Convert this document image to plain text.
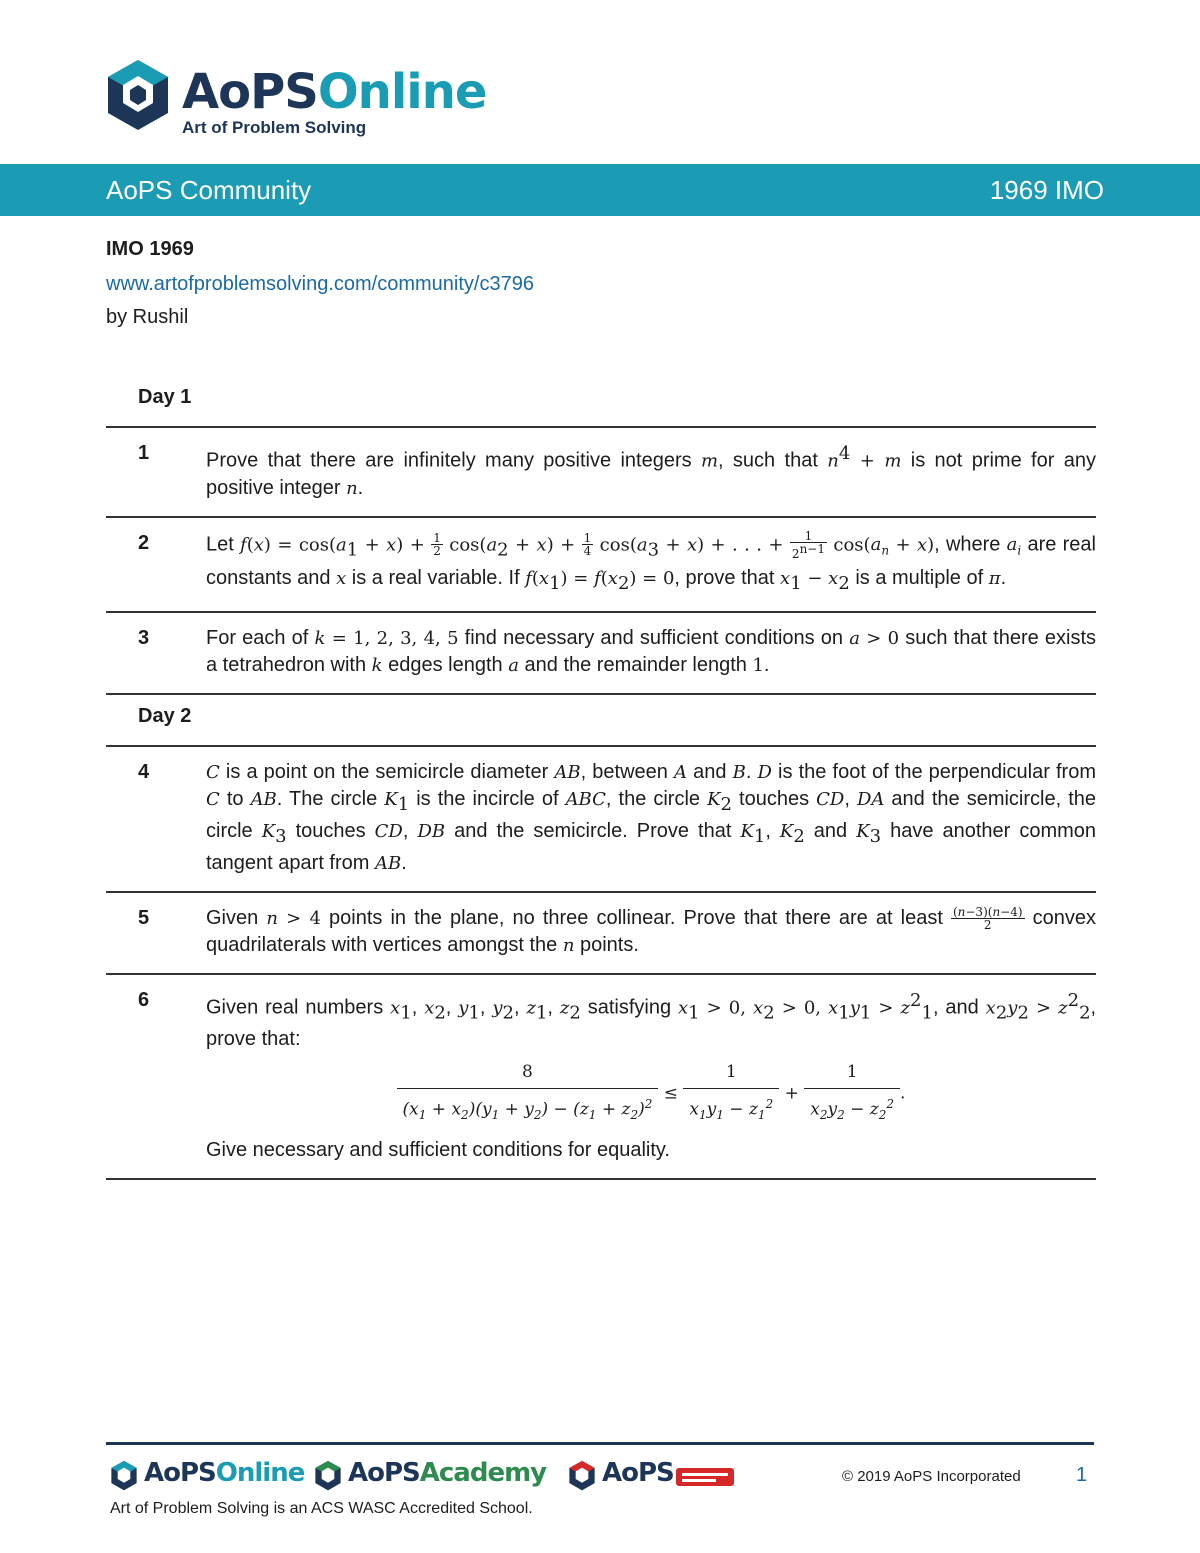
AoPSOnline
Art of Problem Solving
AoPS Community	1969 IMO
IMO 1969
www.artofproblemsolving.com/community/c3796
by Rushil
Day 1
1	Prove that there are infinitely many positive integers m, such that $n^4 + m$ is not prime for any positive integer n.
2	Let $f(x) = \cos(a_1 + x) + \frac{1}{2} \cos(a_2 + x) + \frac{1}{4} \cos(a_3 + x)$ + . . . + $\frac{1}{2^{n-1}} \cos(a_n + x)$, where $a_i$ are real constants and x is a real variable. If $f(x_1) = f(x_2) = 0$, prove that $x_1 - x_2$ is a multiple of π.
3	For each of k = 1, 2, 3, 4, 5 find necessary and sufficient conditions on a > 0 such that there exists a tetrahedron with k edges length a and the remainder length 1.
Day 2
4	C is a point on the semicircle diameter AB, between A and B. D is the foot of the perpendicular from C to AB. The circle $K_1$ is the incircle of ABC, the circle $K_2$ touches CD, DA and the semicircle, the circle $K_3$ touches CD, DB and the semicircle. Prove that $K_1$, $K_2$ and $K_3$ have another common tangent apart from AB.
5	Given n > 4 points in the plane, no three collinear. Prove that there are at least $\frac{(n-3)(n-4)}{2}$ convex quadrilaterals with vertices amongst the n points.
6	Given real numbers $x_1$, $x_2$, $y_1$, $y_2$, $z_1$, $z_2$ satisfying $x_1 > 0$, $x_2 > 0$, $x_1y_1 > z^2_1$, and $x_2y_2 > z^2_2$, prove that:
$\frac{8}{(x_1 + x_2)(y_1 + y_2) - (z_1 + z_2)^2} \le \frac{1}{x_1y_1 - z_1^2} + \frac{1}{x_2y_2 - z_2^2}$ .
Give necessary and sufficient conditions for equality.
AoPSOnline AoPSAcademy AoPS	© 2019 AoPS Incorporated	1
Art of Problem Solving is an ACS WASC Accredited School.
